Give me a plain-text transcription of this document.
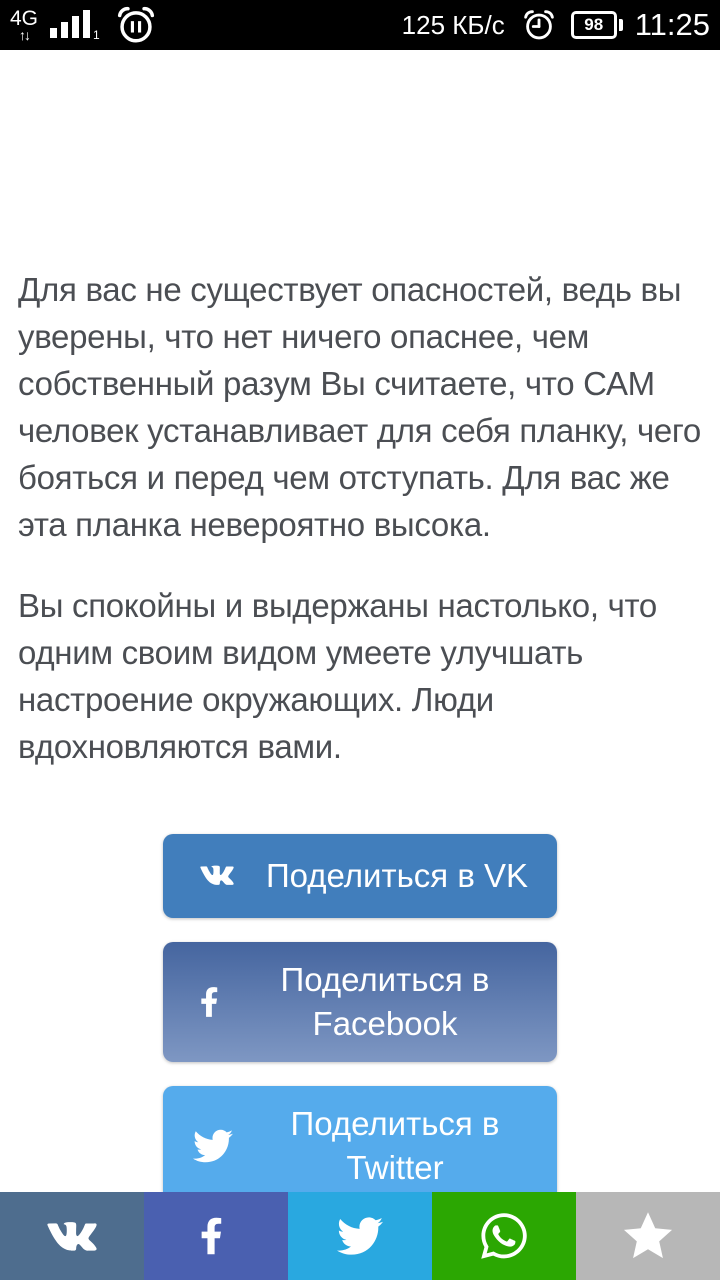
4G
↑↓	1	125 КБ/с	98 11:25

Для вас не существует опасностей, ведь вы уверены, что нет ничего опаснее, чем собственный разум Вы считаете, что САМ человек устанавливает для себя планку, чего бояться и перед чем отступать. Для вас же эта планка невероятно высока.

Вы спокойны и выдержаны настолько, что одним своим видом умеете улучшать настроение окружающих. Люди вдохновляются вами.

Поделиться в VK
Поделиться в Facebook
Поделиться в Twitter
